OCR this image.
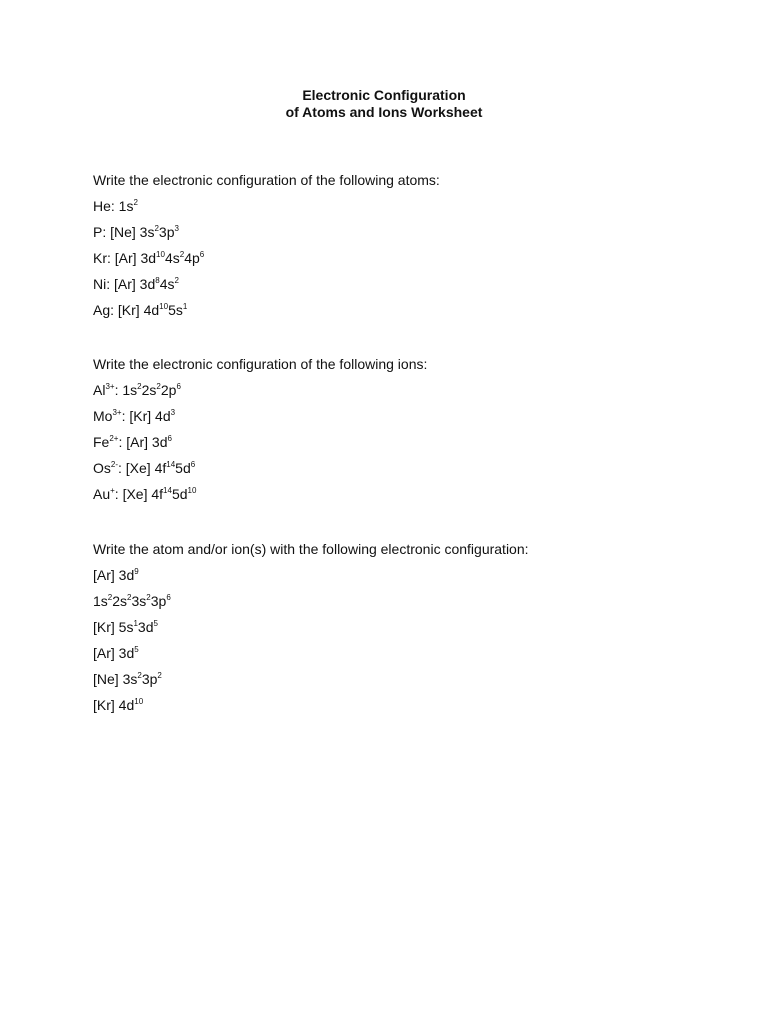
Electronic Configuration
of Atoms and Ions Worksheet
Write the electronic configuration of the following atoms:
He: $1s^2$
P: [Ne] $3s^23p^3$
Kr: [Ar] $3d^{10}4s^24p^6$
Ni: [Ar] $3d^84s^2$
Ag: [Kr] $4d^{10}5s^1$
Write the electronic configuration of the following ions:
$Al^{3+}$: $1s^22s^22p^6$
$Mo^{3+}$: [Kr] $4d^3$
$Fe^{2+}$: [Ar] $3d^6$
$Os^{2-}$: [Xe] $4f^{14}5d^6$
Au+: [Xe] $4f^{14}5d^{10}$
Write the atom and/or ion(s) with the following electronic configuration:
[Ar] $3d^9$
$1s^22s^23s^23p^6$
[Kr] $5s^13d^5$
[Ar] $3d^5$
[Ne] $3s^23p^2$
[Kr] $4d^{10}$
